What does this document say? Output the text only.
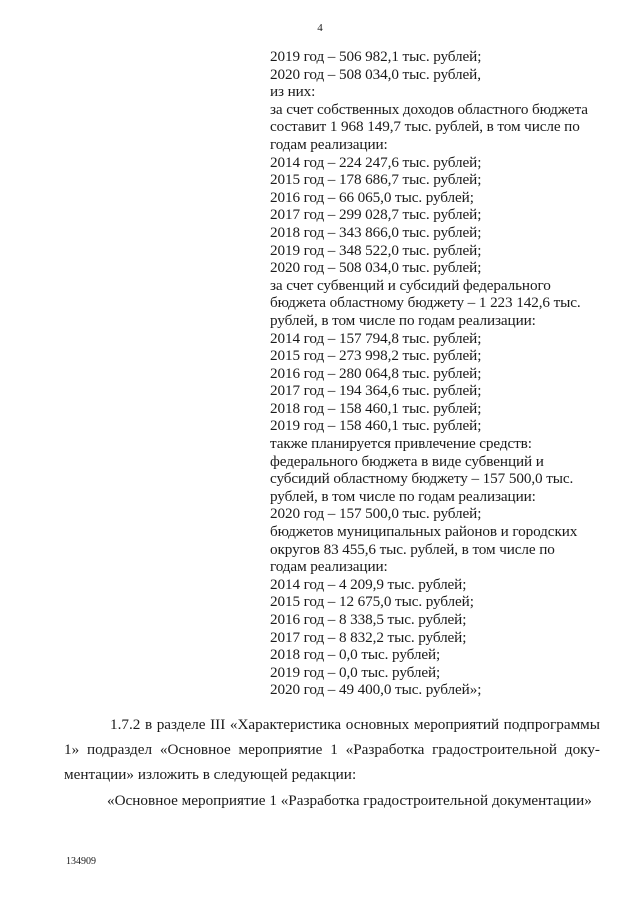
4
2019 год – 506 982,1 тыс. рублей;
2020 год – 508 034,0 тыс. рублей,
из них:
за счет собственных доходов областного бюджета
составит 1 968 149,7 тыс. рублей, в том числе по
годам реализации:
2014 год – 224 247,6 тыс. рублей;
2015 год – 178 686,7 тыс. рублей;
2016 год – 66 065,0 тыс. рублей;
2017 год – 299 028,7 тыс. рублей;
2018 год – 343 866,0 тыс. рублей;
2019 год – 348 522,0 тыс. рублей;
2020 год – 508 034,0 тыс. рублей;
за счет субвенций и субсидий федерального
бюджета областному бюджету – 1 223 142,6 тыс.
рублей, в том числе по годам реализации:
2014 год – 157 794,8 тыс. рублей;
2015 год – 273 998,2 тыс. рублей;
2016 год – 280 064,8 тыс. рублей;
2017 год – 194 364,6 тыс. рублей;
2018 год – 158 460,1 тыс. рублей;
2019 год – 158 460,1 тыс. рублей;
также планируется привлечение средств:
федерального бюджета в виде субвенций и
субсидий областному бюджету – 157 500,0 тыс.
рублей, в том числе по годам реализации:
2020 год – 157 500,0 тыс. рублей;
бюджетов муниципальных районов и городских
округов 83 455,6 тыс. рублей, в том числе по
годам реализации:
2014 год – 4 209,9 тыс. рублей;
2015 год – 12 675,0 тыс. рублей;
2016 год – 8 338,5 тыс. рублей;
2017 год – 8 832,2 тыс. рублей;
2018 год – 0,0 тыс. рублей;
2019 год – 0,0 тыс. рублей;
2020 год – 49 400,0 тыс. рублей»;
1.7.2 в разделе III «Характеристика основных мероприятий подпрограммы
1» подраздел «Основное мероприятие 1 «Разработка градостроительной доку-
ментации» изложить в следующей редакции:
«Основное мероприятие 1 «Разработка градостроительной документации»
134909
